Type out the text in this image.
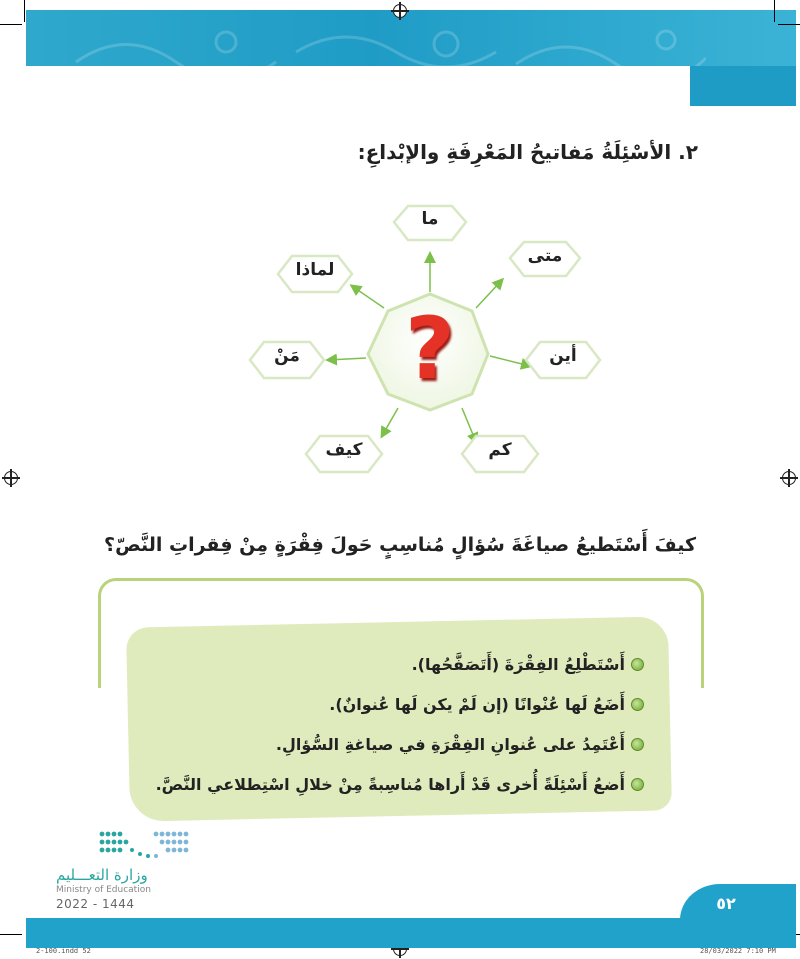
٢. الأسْئِلَةُ مَفاتيحُ المَعْرِفَةِ والإبْداعِ:
?
ما
متى
أين
كم
كيف
مَنْ
لماذا
كيفَ أَسْتَطيعُ صياغَةَ سُؤالٍ مُناسِبٍ حَولَ فِقْرَةٍ مِنْ فِقراتِ النَّصّ؟
أَسْتَطْلِعُ الفِقْرَةَ (أَتَصَفَّحُها).
أَضَعُ لَها عُنْوانًا (إن لَمْ يكن لَها عُنوانٌ).
أَعْتَمِدُ على عُنوانِ الفِقْرَةِ في صياغةِ السُّؤالِ.
أَضعُ أَسْئِلَةً أُخرى قَدْ أَراها مُناسِبةً مِنْ خلالِ اسْتِطلاعي النَّصَّ.
وزارة التعـــليم
Ministry of Education
2022 - 1444	٥٢
2-100.indd 52	28/03/2022 7:10 PM
